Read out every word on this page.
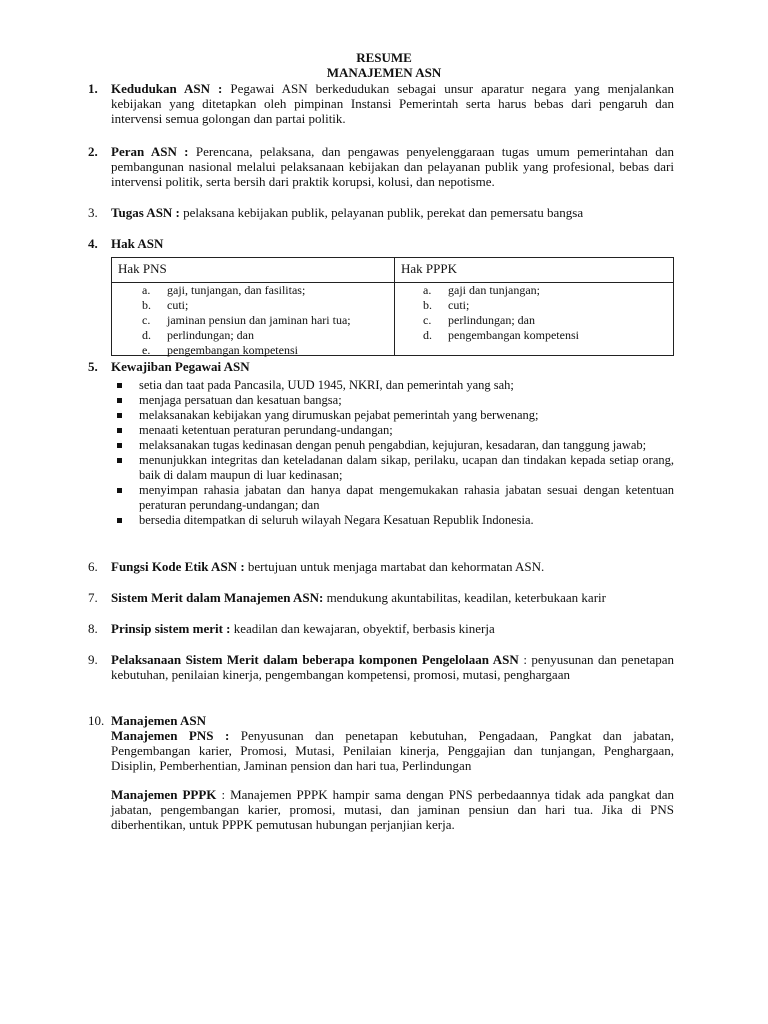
RESUME
MANAJEMEN ASN
1.	Kedudukan ASN : Pegawai ASN berkedudukan sebagai unsur aparatur negara yang menjalankan kebijakan yang ditetapkan oleh pimpinan Instansi Pemerintah serta harus bebas dari pengaruh dan intervensi semua golongan dan partai politik.
2.	Peran ASN : Perencana, pelaksana, dan pengawas penyelenggaraan tugas umum pemerintahan dan pembangunan nasional melalui pelaksanaan kebijakan dan pelayanan publik yang profesional, bebas dari intervensi politik, serta bersih dari praktik korupsi, kolusi, dan nepotisme.
3.	Tugas ASN : pelaksana kebijakan publik, pelayanan publik, perekat dan pemersatu bangsa
4.	Hak ASN
Hak PNS	Hak PPPK
a. gaji, tunjangan, dan fasilitas;
b. cuti;
c. jaminan pensiun dan jaminan hari tua;
d. perlindungan; dan
e. pengembangan kompetensi
a. gaji dan tunjangan;
b. cuti;
c. perlindungan; dan
d. pengembangan kompetensi
5.	Kewajiban Pegawai ASN
setia dan taat pada Pancasila, UUD 1945, NKRI, dan pemerintah yang sah;
menjaga persatuan dan kesatuan bangsa;
melaksanakan kebijakan yang dirumuskan pejabat pemerintah yang berwenang;
menaati ketentuan peraturan perundang-undangan;
melaksanakan tugas kedinasan dengan penuh pengabdian, kejujuran, kesadaran, dan tanggung jawab;
menunjukkan integritas dan keteladanan dalam sikap, perilaku, ucapan dan tindakan kepada setiap orang, baik di dalam maupun di luar kedinasan;
menyimpan rahasia jabatan dan hanya dapat mengemukakan rahasia jabatan sesuai dengan ketentuan peraturan perundang-undangan; dan
bersedia ditempatkan di seluruh wilayah Negara Kesatuan Republik Indonesia.
6.	Fungsi Kode Etik ASN : bertujuan untuk menjaga martabat dan kehormatan ASN.
7.	Sistem Merit dalam Manajemen ASN: mendukung akuntabilitas, keadilan, keterbukaan karir
8.	Prinsip sistem merit : keadilan dan kewajaran, obyektif, berbasis kinerja
9.	Pelaksanaan Sistem Merit dalam beberapa komponen Pengelolaan ASN : penyusunan dan penetapan kebutuhan, penilaian kinerja, pengembangan kompetensi, promosi, mutasi, penghargaan
10. Manajemen ASN
Manajemen PNS : Penyusunan dan penetapan kebutuhan, Pengadaan, Pangkat dan jabatan, Pengembangan karier, Promosi, Mutasi, Penilaian kinerja, Penggajian dan tunjangan, Penghargaan, Disiplin, Pemberhentian, Jaminan pension dan hari tua, Perlindungan
Manajemen PPPK : Manajemen PPPK hampir sama dengan PNS perbedaannya tidak ada pangkat dan jabatan, pengembangan karier, promosi, mutasi, dan jaminan pensiun dan hari tua. Jika di PNS diberhentikan, untuk PPPK pemutusan hubungan perjanjian kerja.
